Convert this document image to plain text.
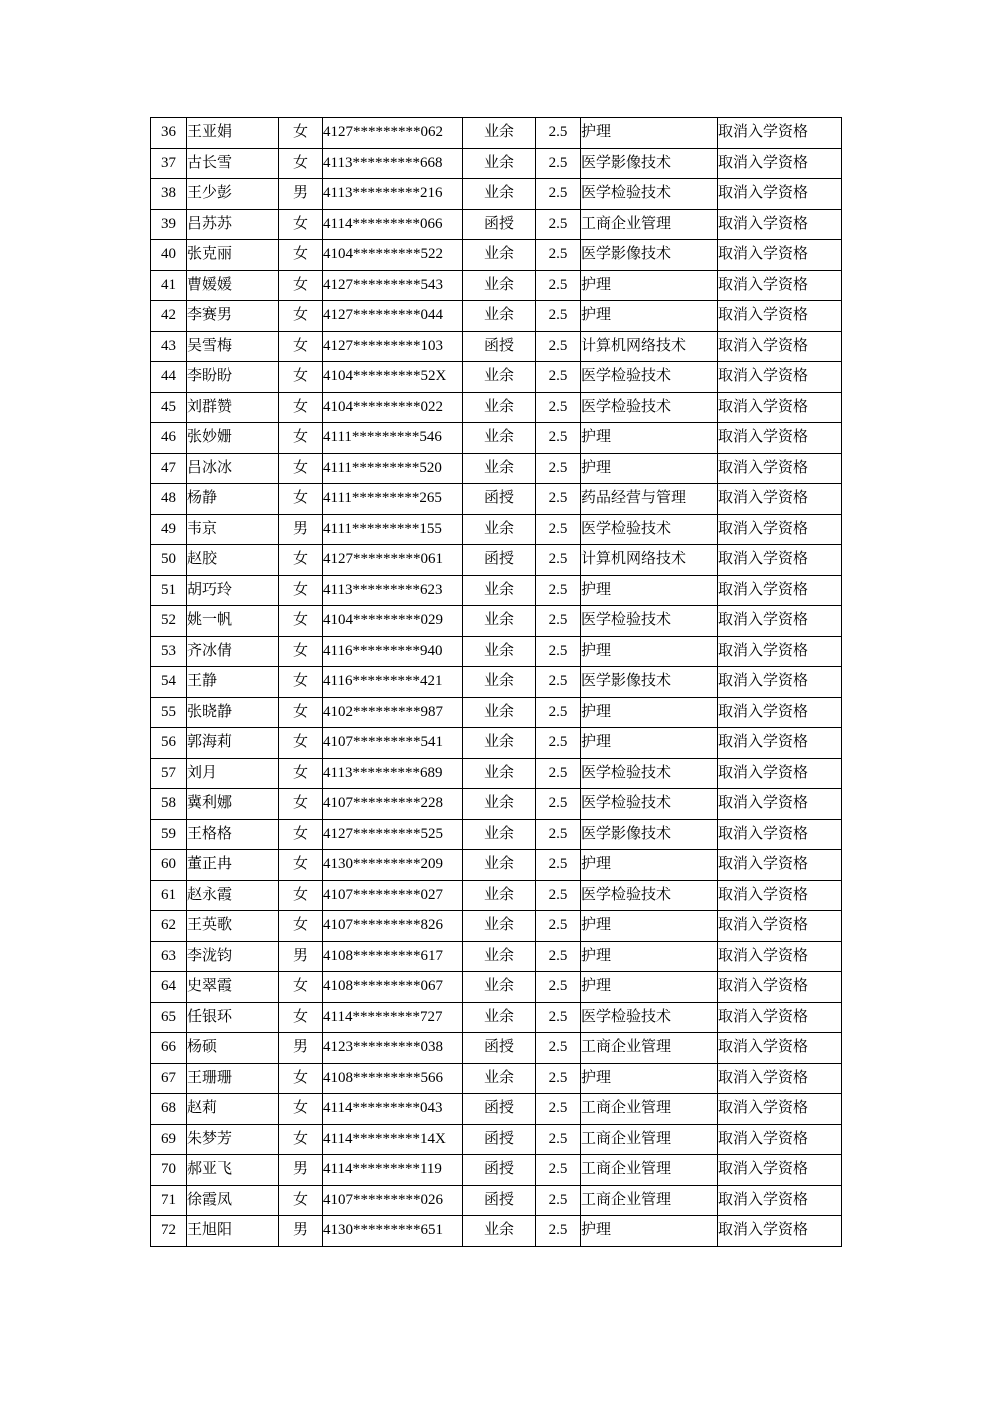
36	王亚娟	女	4127*********062	业余	2.5	护理	取消入学资格
37	古长雪	女	4113*********668	业余	2.5	医学影像技术	取消入学资格
38	王少彭	男	4113*********216	业余	2.5	医学检验技术	取消入学资格
39	吕苏苏	女	4114*********066	函授	2.5	工商企业管理	取消入学资格
40	张克丽	女	4104*********522	业余	2.5	医学影像技术	取消入学资格
41	曹媛媛	女	4127*********543	业余	2.5	护理	取消入学资格
42	李赛男	女	4127*********044	业余	2.5	护理	取消入学资格
43	吴雪梅	女	4127*********103	函授	2.5	计算机网络技术	取消入学资格
44	李盼盼	女	4104*********52X	业余	2.5	医学检验技术	取消入学资格
45	刘群赞	女	4104*********022	业余	2.5	医学检验技术	取消入学资格
46	张妙姗	女	4111*********546	业余	2.5	护理	取消入学资格
47	吕冰冰	女	4111*********520	业余	2.5	护理	取消入学资格
48	杨静	女	4111*********265	函授	2.5	药品经营与管理	取消入学资格
49	韦京	男	4111*********155	业余	2.5	医学检验技术	取消入学资格
50	赵胶	女	4127*********061	函授	2.5	计算机网络技术	取消入学资格
51	胡巧玲	女	4113*********623	业余	2.5	护理	取消入学资格
52	姚一帆	女	4104*********029	业余	2.5	医学检验技术	取消入学资格
53	齐冰倩	女	4116*********940	业余	2.5	护理	取消入学资格
54	王静	女	4116*********421	业余	2.5	医学影像技术	取消入学资格
55	张晓静	女	4102*********987	业余	2.5	护理	取消入学资格
56	郭海莉	女	4107*********541	业余	2.5	护理	取消入学资格
57	刘月	女	4113*********689	业余	2.5	医学检验技术	取消入学资格
58	冀利娜	女	4107*********228	业余	2.5	医学检验技术	取消入学资格
59	王格格	女	4127*********525	业余	2.5	医学影像技术	取消入学资格
60	董正冉	女	4130*********209	业余	2.5	护理	取消入学资格
61	赵永霞	女	4107*********027	业余	2.5	医学检验技术	取消入学资格
62	王英歌	女	4107*********826	业余	2.5	护理	取消入学资格
63	李泷钧	男	4108*********617	业余	2.5	护理	取消入学资格
64	史翠霞	女	4108*********067	业余	2.5	护理	取消入学资格
65	任银环	女	4114*********727	业余	2.5	医学检验技术	取消入学资格
66	杨硕	男	4123*********038	函授	2.5	工商企业管理	取消入学资格
67	王珊珊	女	4108*********566	业余	2.5	护理	取消入学资格
68	赵莉	女	4114*********043	函授	2.5	工商企业管理	取消入学资格
69	朱梦芳	女	4114*********14X	函授	2.5	工商企业管理	取消入学资格
70	郝亚飞	男	4114*********119	函授	2.5	工商企业管理	取消入学资格
71	徐霞凤	女	4107*********026	函授	2.5	工商企业管理	取消入学资格
72	王旭阳	男	4130*********651	业余	2.5	护理	取消入学资格
